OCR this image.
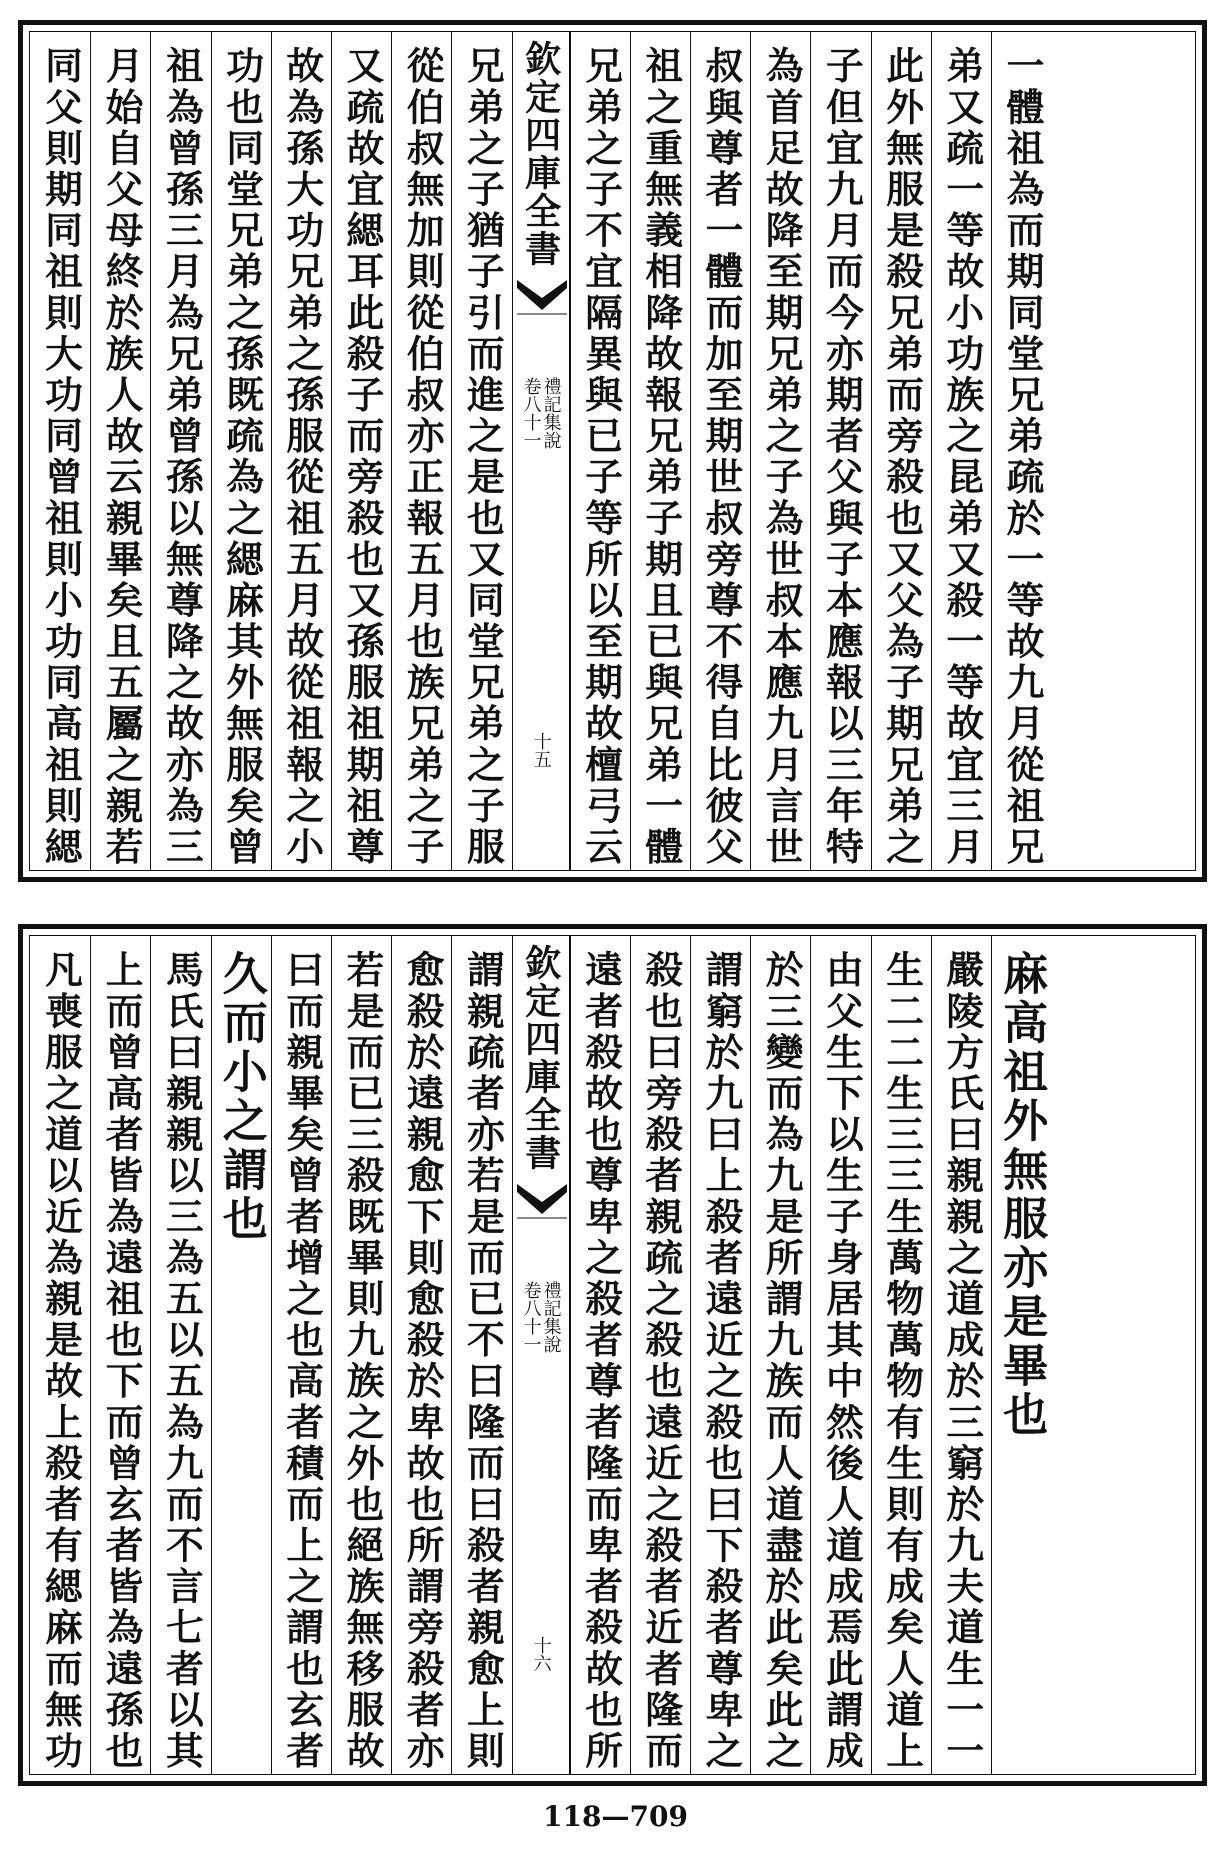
同父則期同祖則大功同曾祖則小功同高祖則緦 月始自父母終於族人故云親畢矣且五屬之親若 祖為曾孫三月為兄弟曾孫以無尊降之故亦為三 功也同堂兄弟之孫既疏為之緦麻其外無服矣曾 故為孫大功兄弟之孫服從祖五月故從祖報之小 又疏故宜緦耳此殺子而旁殺也又孫服祖期祖尊 從伯叔無加則從伯叔亦正報五月也族兄弟之子 兄弟之子猶子引而進之是也又同堂兄弟之子服 欽定四庫全書
禮記集說
卷八十一
十五 兄弟之子不宜隔異與已子等所以至期故檀弓云 祖之重無義相降故報兄弟子期且已與兄弟一體 叔與尊者一體而加至期世叔旁尊不得自比彼父 為首足故降至期兄弟之子為世叔本應九月言世 子但宜九月而今亦期者父與子本應報以三年特 此外無服是殺兄弟而旁殺也又父為子期兄弟之 弟又疏一等故小功族之昆弟又殺一等故宜三月 一體祖為而期同堂兄弟疏於一等故九月從祖兄
凡喪服之道以近為親是故上殺者有緦麻而無功 上而曾高者皆為遠祖也下而曾玄者皆為遠孫也 馬氏曰親親以三為五以五為九而不言七者以其 久而小之謂也 曰而親畢矣曾者增之也高者積而上之謂也玄者 若是而已三殺既畢則九族之外也絕族無移服故 愈殺於遠親愈下則愈殺於卑故也所謂旁殺者亦 謂親疏者亦若是而已不曰隆而曰殺者親愈上則 欽定四庫全書
禮記集說
卷八十一
十六 遠者殺故也尊卑之殺者尊者隆而卑者殺故也所 殺也曰旁殺者親疏之殺也遠近之殺者近者隆而 謂窮於九曰上殺者遠近之殺也曰下殺者尊卑之 於三變而為九是所謂九族而人道盡於此矣此之 由父生下以生子身居其中然後人道成焉此謂成 生二二生三三生萬物萬物有生則有成矣人道上 嚴陵方氏曰親親之道成於三窮於九夫道生一一 麻高祖外無服亦是畢也
118—709
